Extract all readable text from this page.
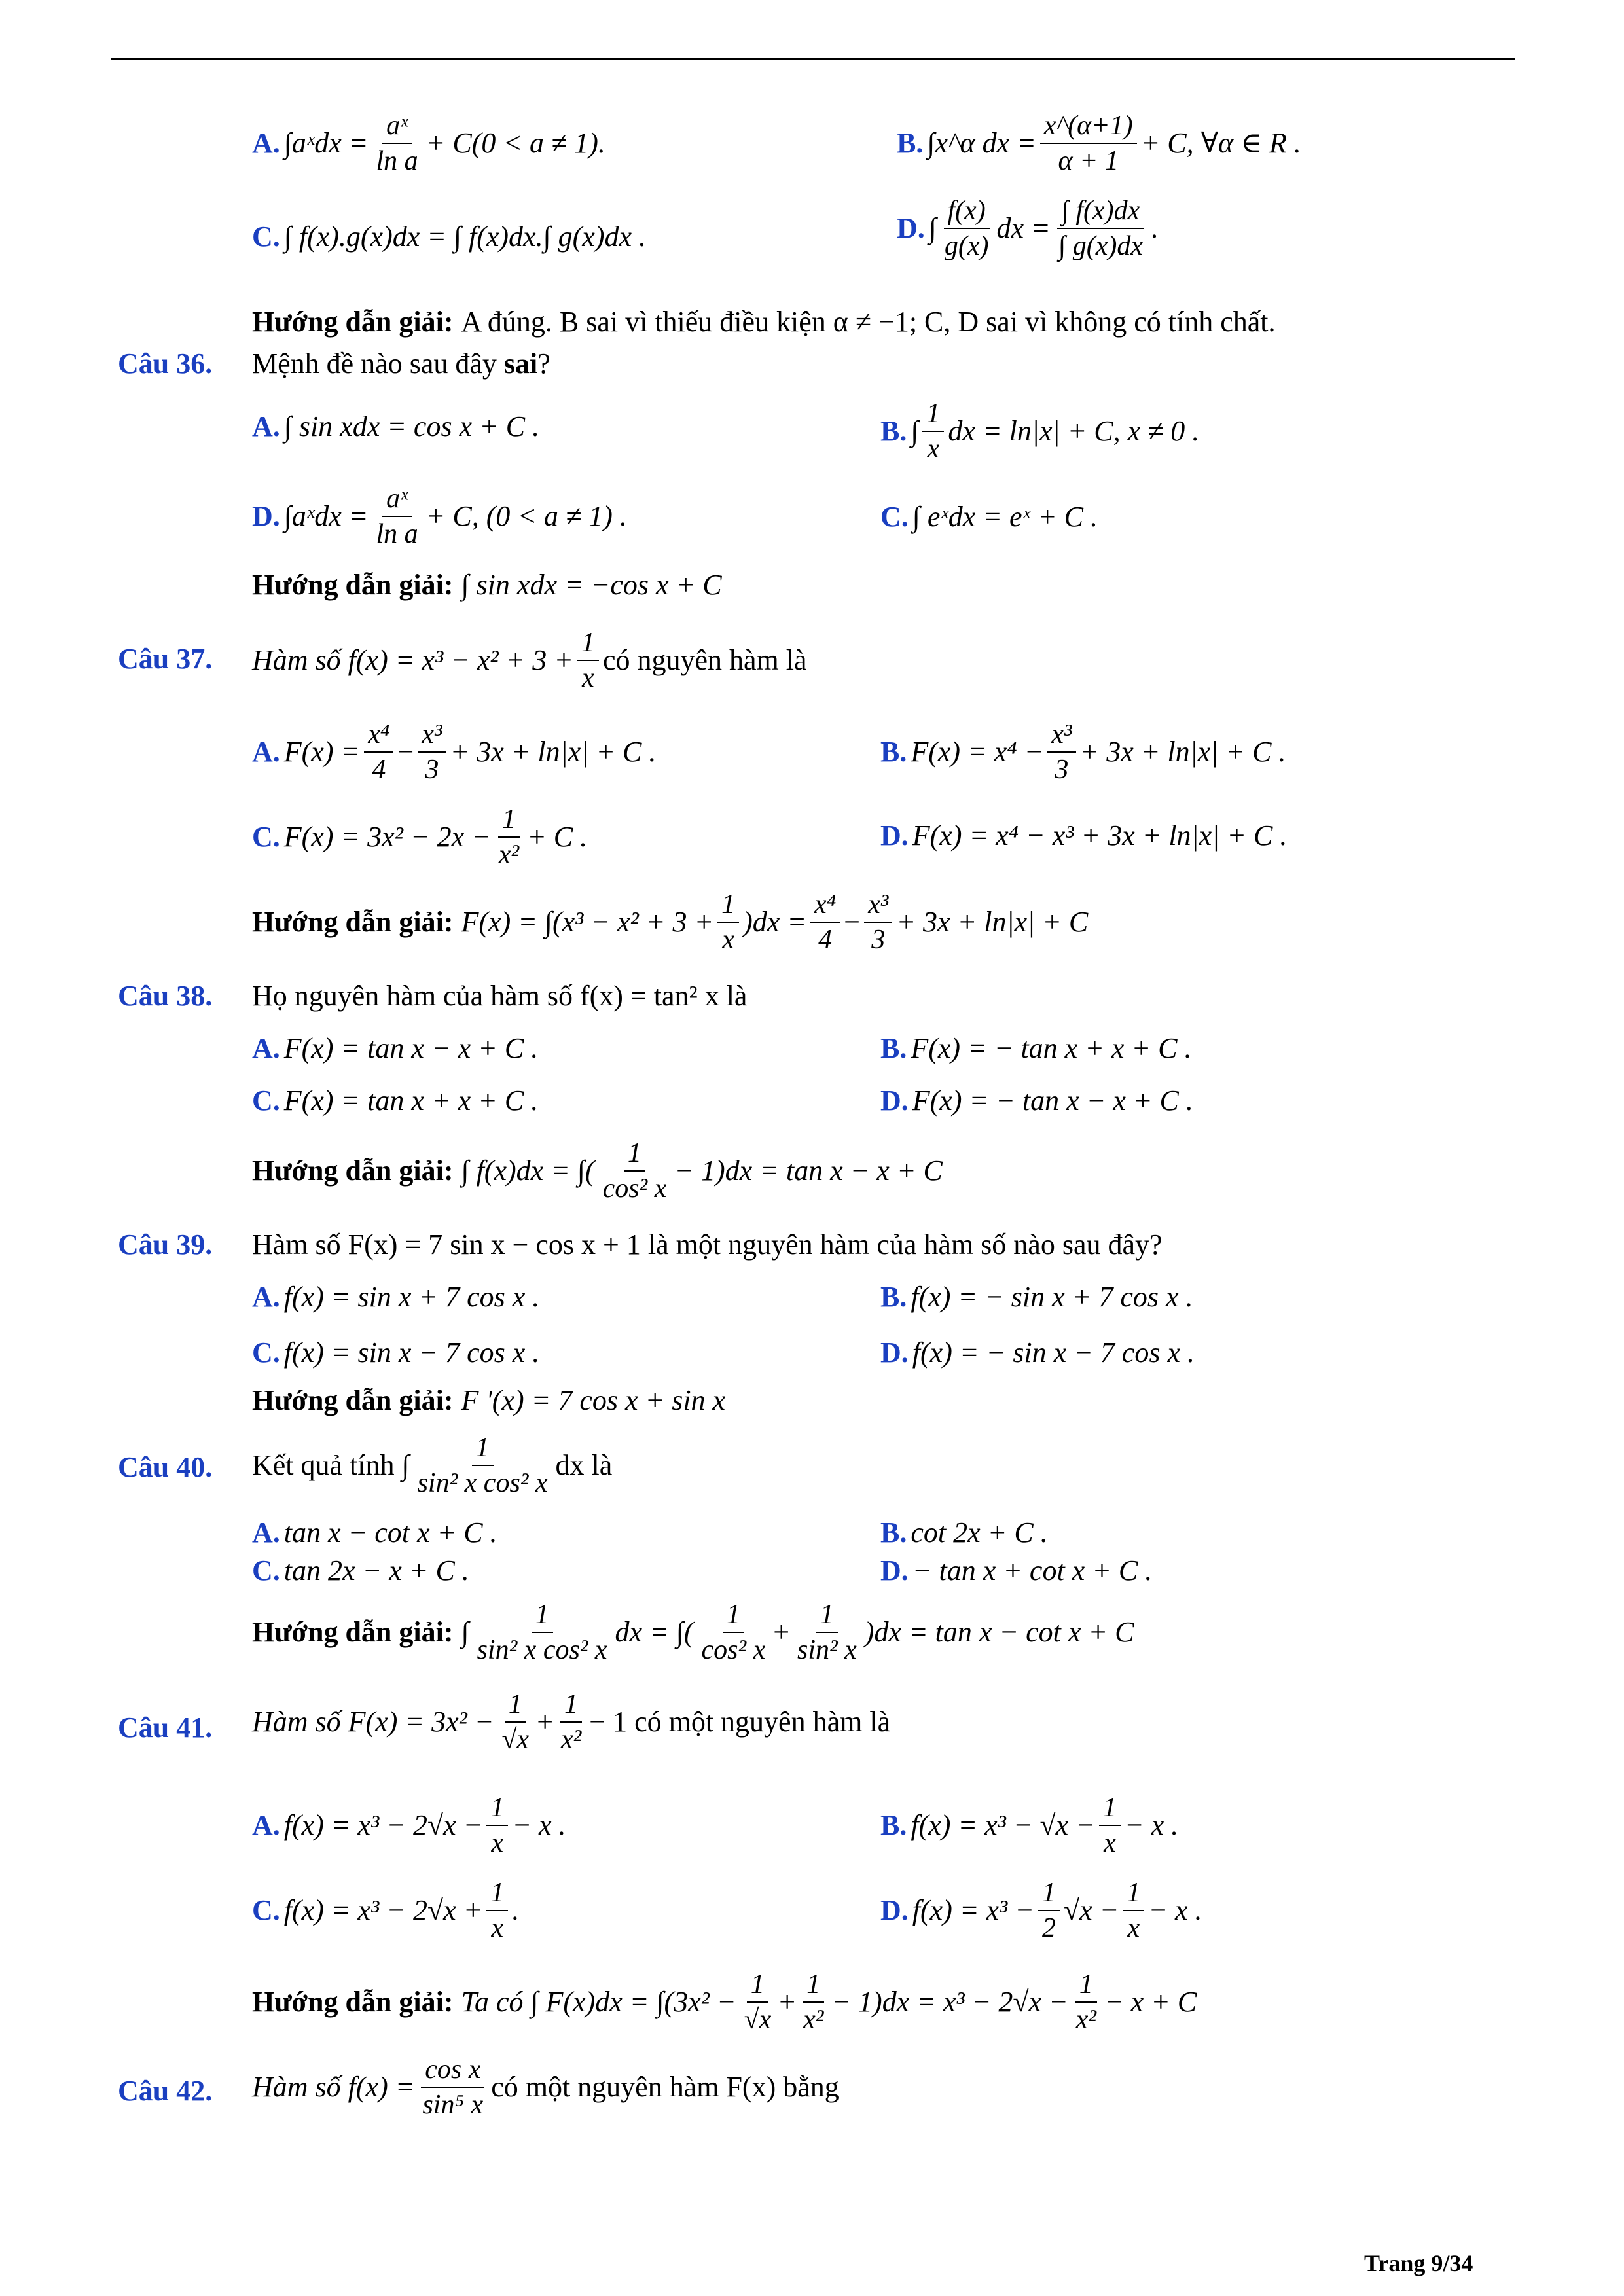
A. ∫aˣdx = $\frac{\text{aˣ}}{\text{ln a}} + C(0 < a \ne 1)$.	B. ∫x^α dx = $\frac{x\^{}(\alpha+1)}{\alpha + 1} + C$, ∀α ∈ R .
C. ∫ f(x).g(x)dx = ∫ f(x)dx.∫ g(x)dx .	D. ∫ $\frac{f(x)}{g(x)}$ dx = $\frac{\int f(x)dx}{\int g(x)dx}$ .
Hướng dẫn giải: A đúng. B sai vì thiếu điều kiện α ≠ −1; C, D sai vì không có tính chất.
Câu 36. Mệnh đề nào sau đây
sai ?
A. ∫ sin xdx = cos x + C .	B. ∫ $\frac{1}{x}$ dx = ln|x| + C, x ≠ 0 .
D. ∫aˣdx = $\frac{\text{aˣ}}{\text{ln a}} + C$, (0 < a ≠ 1) .	C. ∫ eˣdx = eˣ + C .
Hướng dẫn giải: ∫ sin xdx = −cos x + C
Câu 37. Hàm số $f(x) = x^3 - x^2 + 3 + \frac{1}{x}$ có nguyên hàm là
A. $F(x) = \frac{\text{x⁴}}{4} - \frac{\text{x³}}{3} + 3x + \ln|x| + C$ .	B. $F(x) = x^4 - \frac{\text{x³}}{3} + 3x + \ln|x| + C$ .
C. $F(x) = 3x^2 - 2x - \frac{1}{\text{x²}} + C$ .	D. F(x) = x⁴ − x³ + 3x + ln|x| + C .
Hướng dẫn giải: $F(x) = \int(x^3 - x^2 + 3 + \frac{1}{x} )dx = \frac{\text{x⁴}}{4} - \frac{\text{x³}}{3} + 3x + \ln|x| + C$
Câu 38. Họ nguyên hàm của hàm số f(x) = tan² x là
A. F(x) = tan x − x + C .	B. F(x) = − tan x + x + C .
C. F(x) = tan x + x + C .	D. F(x) = − tan x − x + C .
Hướng dẫn giải: ∫ f(x)dx = ∫( $\frac{1}{\text{cos² x}} - 1)dx = \tan x - x + C$
Câu 39. Hàm số F(x) = 7 sin x − cos x + 1 là một nguyên hàm của hàm số nào sau đây?
A. f(x) = sin x + 7 cos x .	B. f(x) = − sin x + 7 cos x .
C. f(x) = sin x − 7 cos x .	D. f(x) = − sin x − 7 cos x .
Hướng dẫn giải: F '(x) = 7 cos x + sin x
Câu 40. Kết quả tính ∫ $\frac{1}{\text{sin² x cos² x}}$ dx là
A. tan x − cot x + C .	B. cot 2x + C .
C. tan 2x − x + C .	D. − tan x + cot x + C .
Hướng dẫn giải: ∫ $\frac{1}{\text{sin² x cos² x}}$ dx = ∫( $\frac{1}{\text{cos² x}} + \frac{1}{\text{sin² x}} )dx = \tan x - \cot x + C$
Câu 41. Hàm số $F(x) = 3x^2 - \frac{1}{√x} + \frac{1}{\text{x²}} - 1$ có một nguyên hàm là
A. $f(x) = x^3 - 2√x - \frac{1}{x} - x$ .	B. $f(x) = x^3 - √x - \frac{1}{x} - x$ .
C. $f(x) = x^3 - 2√x + \frac{1}{x}$ .	D. $f(x) = x^3 - \frac{1}{2} √x - \frac{1}{x} - x$ .
Hướng dẫn giải: Ta có ∫ $F(x)dx = \int(3x^2 - \frac{1}{√x} + \frac{1}{\text{x²}} - 1)dx = x^3 - 2√x - \frac{1}{\text{x²}} - x + C$
Câu 42. Hàm số $f(x) = \frac{\text{cos x}}{\text{sin⁵ x}}$ có một nguyên hàm F(x) bằng
Trang 9/34
